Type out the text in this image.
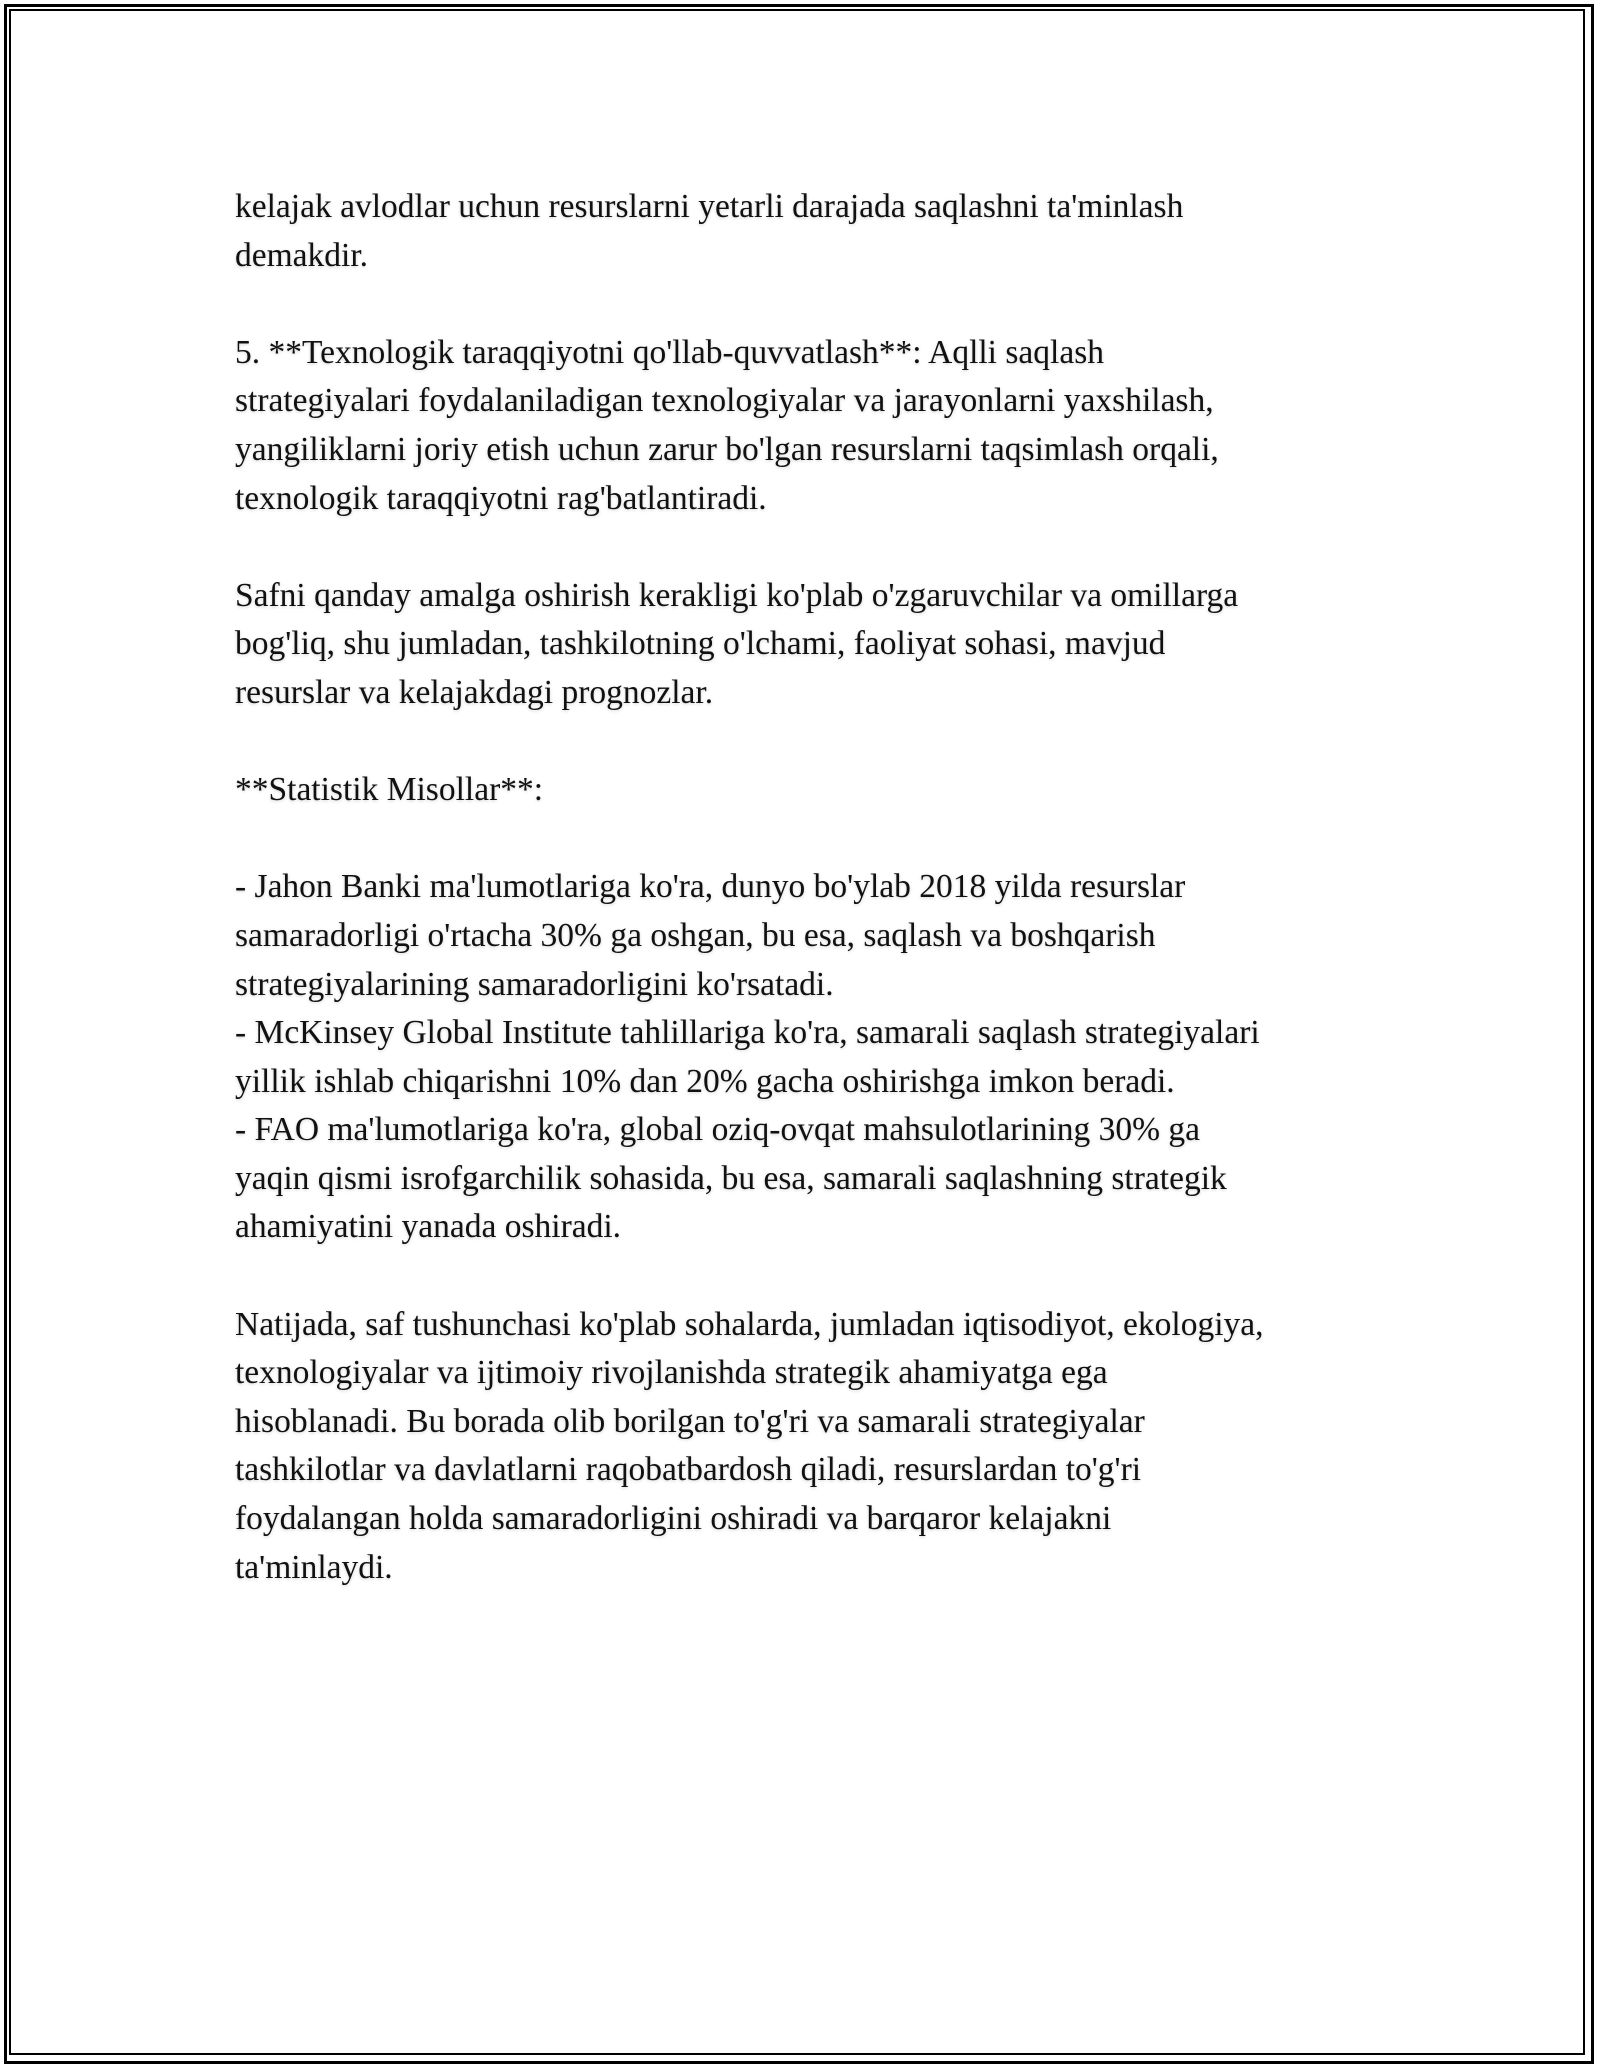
kelajak avlodlar uchun resurslarni yetarli darajada saqlashni ta'minlash
demakdir.

5. **Texnologik taraqqiyotni qo'llab-quvvatlash**: Aqlli saqlash
strategiyalari foydalaniladigan texnologiyalar va jarayonlarni yaxshilash,
yangiliklarni joriy etish uchun zarur bo'lgan resurslarni taqsimlash orqali,
texnologik taraqqiyotni rag'batlantiradi.

Safni qanday amalga oshirish kerakligi ko'plab o'zgaruvchilar va omillarga
bog'liq, shu jumladan, tashkilotning o'lchami, faoliyat sohasi, mavjud
resurslar va kelajakdagi prognozlar.

**Statistik Misollar**:

- Jahon Banki ma'lumotlariga ko'ra, dunyo bo'ylab 2018 yilda resurslar
samaradorligi o'rtacha 30% ga oshgan, bu esa, saqlash va boshqarish
strategiyalarining samaradorligini ko'rsatadi.
- McKinsey Global Institute tahlillariga ko'ra, samarali saqlash strategiyalari
yillik ishlab chiqarishni 10% dan 20% gacha oshirishga imkon beradi.
- FAO ma'lumotlariga ko'ra, global oziq-ovqat mahsulotlarining 30% ga
yaqin qismi isrofgarchilik sohasida, bu esa, samarali saqlashning strategik
ahamiyatini yanada oshiradi.

Natijada, saf tushunchasi ko'plab sohalarda, jumladan iqtisodiyot, ekologiya,
texnologiyalar va ijtimoiy rivojlanishda strategik ahamiyatga ega
hisoblanadi. Bu borada olib borilgan to'g'ri va samarali strategiyalar
tashkilotlar va davlatlarni raqobatbardosh qiladi, resurslardan to'g'ri
foydalangan holda samaradorligini oshiradi va barqaror kelajakni
ta'minlaydi.
